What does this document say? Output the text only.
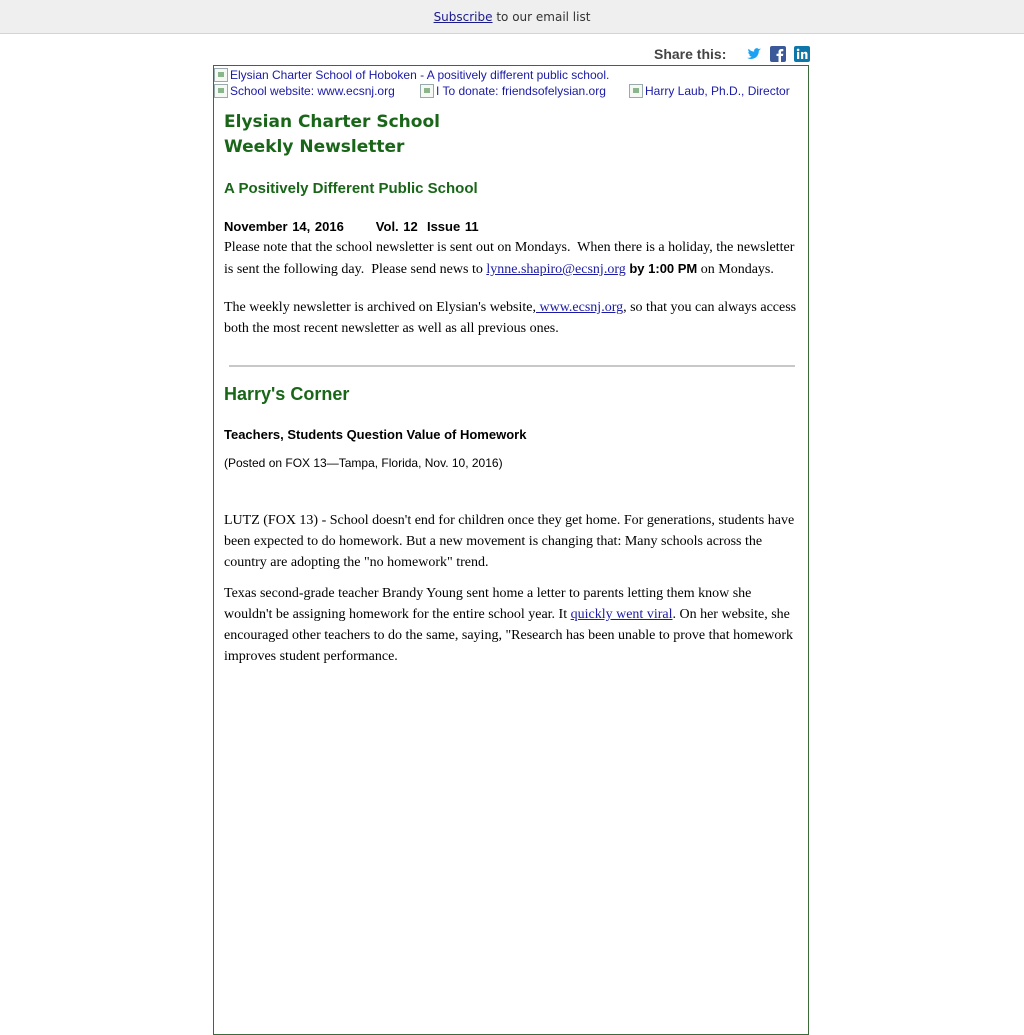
Subscribe to our email list
Share this:
Elysian Charter School of Hoboken - A positively different public school.
School website: www.ecsnj.org	I To donate: friendsofelysian.org	Harry Laub, Ph.D., Director
Elysian Charter School
Weekly Newsletter
A Positively Different Public School
November 14, 2016 Vol. 12  Issue 11
Please note that the school newsletter is sent out on Mondays.  When there is a holiday, the newsletter is sent the following day.  Please send news to lynne.shapiro@ecsnj.org by 1:00 PM on Mondays.
The weekly newsletter is archived on Elysian's website, www.ecsnj.org, so that you can always access both the most recent newsletter as well as all previous ones.
Harry's Corner
Teachers, Students Question Value of Homework
(Posted on FOX 13—Tampa, Florida, Nov. 10, 2016)
LUTZ (FOX 13) - School doesn't end for children once they get home. For generations, students have been expected to do homework. But a new movement is changing that: Many schools across the country are adopting the "no homework" trend.
Texas second-grade teacher Brandy Young sent home a letter to parents letting them know she wouldn't be assigning homework for the entire school year. It quickly went viral. On her website, she encouraged other teachers to do the same, saying, "Research has been unable to prove that homework improves student performance.
